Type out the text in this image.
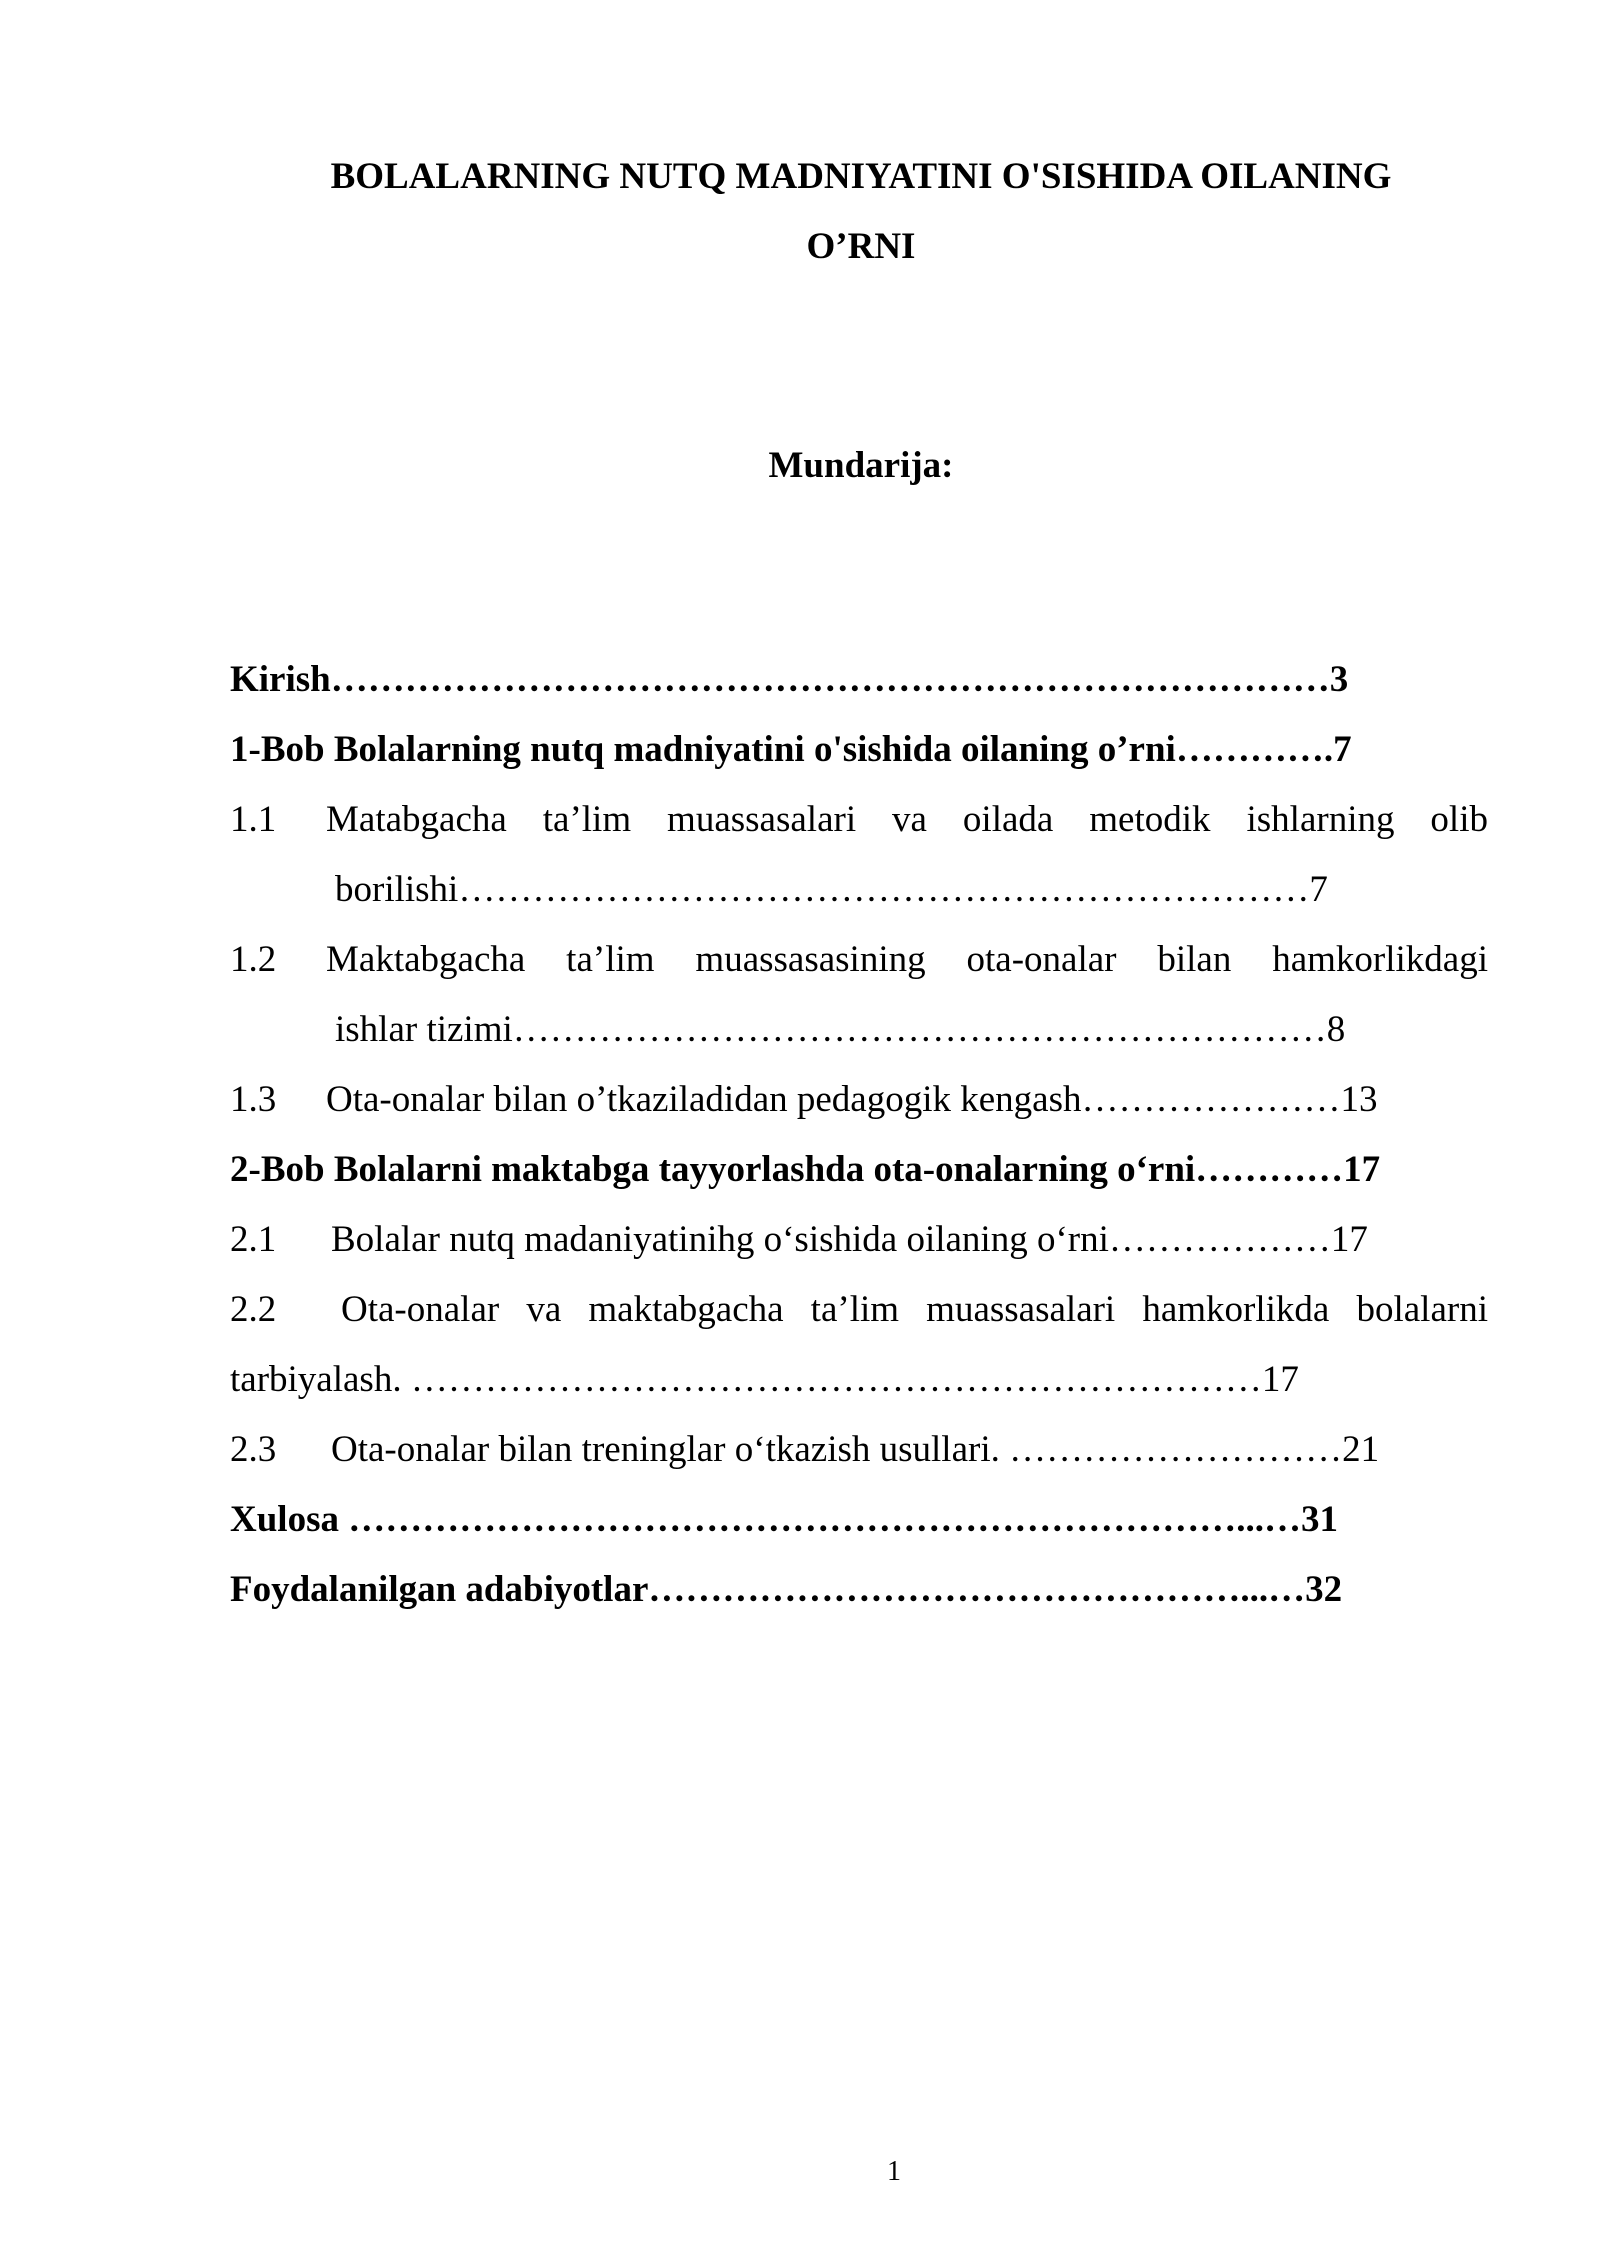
BOLALARNING NUTQ MADNIYATINI O'SISHIDA OILANING
O’RNI
Mundarija:
Kirish………………………………………………………………………3
1-Bob Bolalarning nutq madniyatini o'sishida oilaning o’rni………….7
1.1 Matabgacha ta’lim muassasalari va oilada metodik ishlarning olib
borilishi……………………………………………………………7
1.2 Maktabgacha ta’lim muassasasining ota-onalar bilan hamkorlikdagi
ishlar tizimi…………………………………………………………8
1.3 Ota-onalar bilan o’tkaziladidan pedagogik kengash…………………13
2-Bob Bolalarni maktabga tayyorlashda ota-onalarning o‘rni…………17
2.1 Bolalar nutq madaniyatinihg o‘sishida oilaning o‘rni………………17
2.2 Ota-onalar va maktabgacha ta’lim muassasalari hamkorlikda bolalarni
tarbiyalash. ……………………………………………………………17
2.3 Ota-onalar bilan treninglar o‘tkazish usullari. ………………………21
Xulosa ………………………………………………………………...…31
Foydalanilgan adabiyotlar…………………………………………...…32
1
